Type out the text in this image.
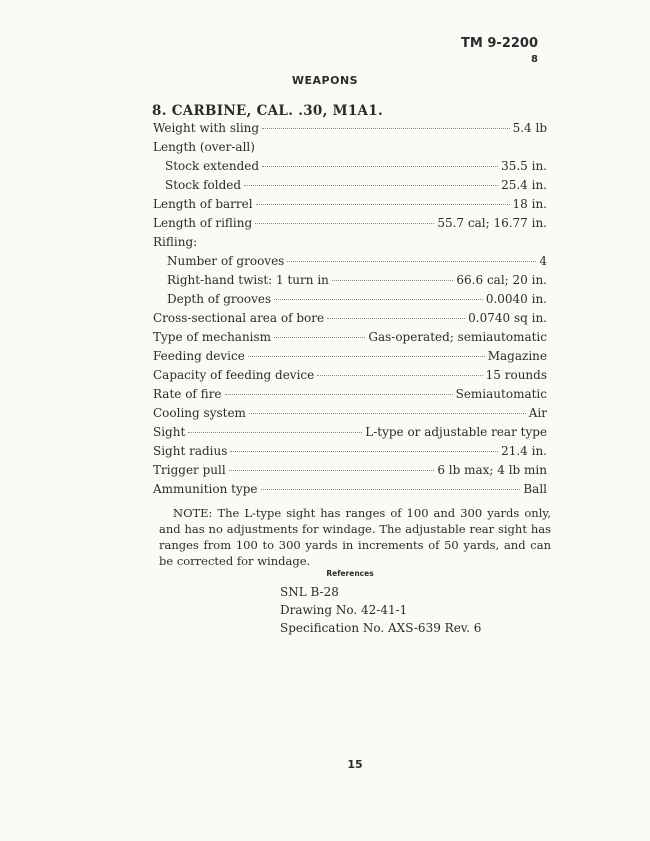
TM 9-2200
8
WEAPONS
8. CARBINE, CAL. .30, M1A1.
Weight with sling	5.4 lb
Length (over-all)
Stock extended	35.5 in.
Stock folded	25.4 in.
Length of barrel	18 in.
Length of rifling	55.7 cal; 16.77 in.
Rifling:
Number of grooves	4
Right-hand twist: 1 turn in	66.6 cal; 20 in.
Depth of grooves	0.0040 in.
Cross-sectional area of bore	0.0740 sq in.
Type of mechanism	Gas-operated; semiautomatic
Feeding device	Magazine
Capacity of feeding device	15 rounds
Rate of fire	Semiautomatic
Cooling system	Air
Sight	L-type or adjustable rear type
Sight radius	21.4 in.
Trigger pull	6 lb max; 4 lb min
Ammunition type	Ball
NOTE: The L-type sight has ranges of 100 and 300 yards only, and has no adjustments for windage. The adjustable rear sight has ranges from 100 to 300 yards in increments of 50 yards, and can be corrected for windage.
References
SNL B-28
Drawing No. 42-41-1
Specification No. AXS-639 Rev. 6
15
